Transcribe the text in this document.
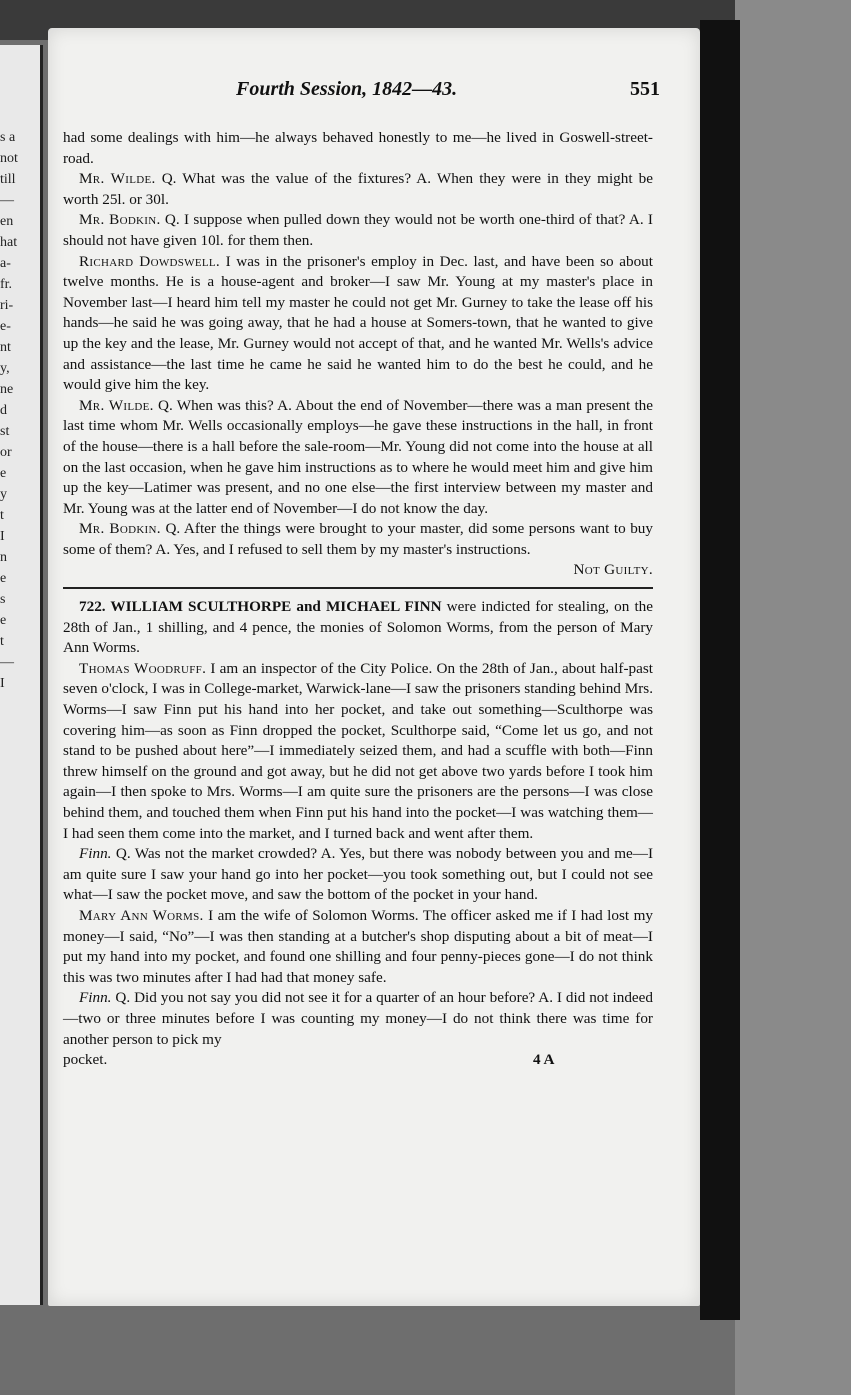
s a
not
till
—
en
hat
a-
fr.
ri-
e-
nt
y,
ne
d
st
or
e
y
t
I
n
e
s
e
t
—
I
Fourth Session, 1842—43.	551

had some dealings with him—he always behaved honestly to me—he lived in Goswell-street-road.

Mr. Wilde. Q. What was the value of the fixtures? A. When they were in they might be worth 25l. or 30l.

Mr. Bodkin. Q. I suppose when pulled down they would not be worth one-third of that? A. I should not have given 10l. for them then.

Richard Dowdswell. I was in the prisoner's employ in Dec. last, and have been so about twelve months. He is a house-agent and broker—I saw Mr. Young at my master's place in November last—I heard him tell my master he could not get Mr. Gurney to take the lease off his hands—he said he was going away, that he had a house at Somers-town, that he wanted to give up the key and the lease, Mr. Gurney would not accept of that, and he wanted Mr. Wells's advice and assistance—the last time he came he said he wanted him to do the best he could, and he would give him the key.

Mr. Wilde. Q. When was this? A. About the end of November—there was a man present the last time whom Mr. Wells occasionally employs—he gave these instructions in the hall, in front of the house—there is a hall before the sale-room—Mr. Young did not come into the house at all on the last occasion, when he gave him instructions as to where he would meet him and give him up the key—Latimer was present, and no one else—the first interview between my master and Mr. Young was at the latter end of November—I do not know the day.

Mr. Bodkin. Q. After the things were brought to your master, did some persons want to buy some of them? A. Yes, and I refused to sell them by my master's instructions.

Not Guilty.

722. WILLIAM SCULTHORPE and MICHAEL FINN were indicted for stealing, on the 28th of Jan., 1 shilling, and 4 pence, the monies of Solomon Worms, from the person of Mary Ann Worms.

Thomas Woodruff. I am an inspector of the City Police. On the 28th of Jan., about half-past seven o'clock, I was in College-market, Warwick-lane—I saw the prisoners standing behind Mrs. Worms—I saw Finn put his hand into her pocket, and take out something—Sculthorpe was covering him—as soon as Finn dropped the pocket, Sculthorpe said, “Come let us go, and not stand to be pushed about here”—I immediately seized them, and had a scuffle with both—Finn threw himself on the ground and got away, but he did not get above two yards before I took him again—I then spoke to Mrs. Worms—I am quite sure the prisoners are the persons—I was close behind them, and touched them when Finn put his hand into the pocket—I was watching them—I had seen them come into the market, and I turned back and went after them.

Finn. Q. Was not the market crowded? A. Yes, but there was nobody between you and me—I am quite sure I saw your hand go into her pocket—you took something out, but I could not see what—I saw the pocket move, and saw the bottom of the pocket in your hand.

Mary Ann Worms. I am the wife of Solomon Worms. The officer asked me if I had lost my money—I said, “No”—I was then standing at a butcher's shop disputing about a bit of meat—I put my hand into my pocket, and found one shilling and four penny-pieces gone—I do not think this was two minutes after I had had that money safe.

Finn. Q. Did you not say you did not see it for a quarter of an hour before? A. I did not indeed—two or three minutes before I was counting my money—I do not think there was time for another person to pick my

pocket.	4 A
